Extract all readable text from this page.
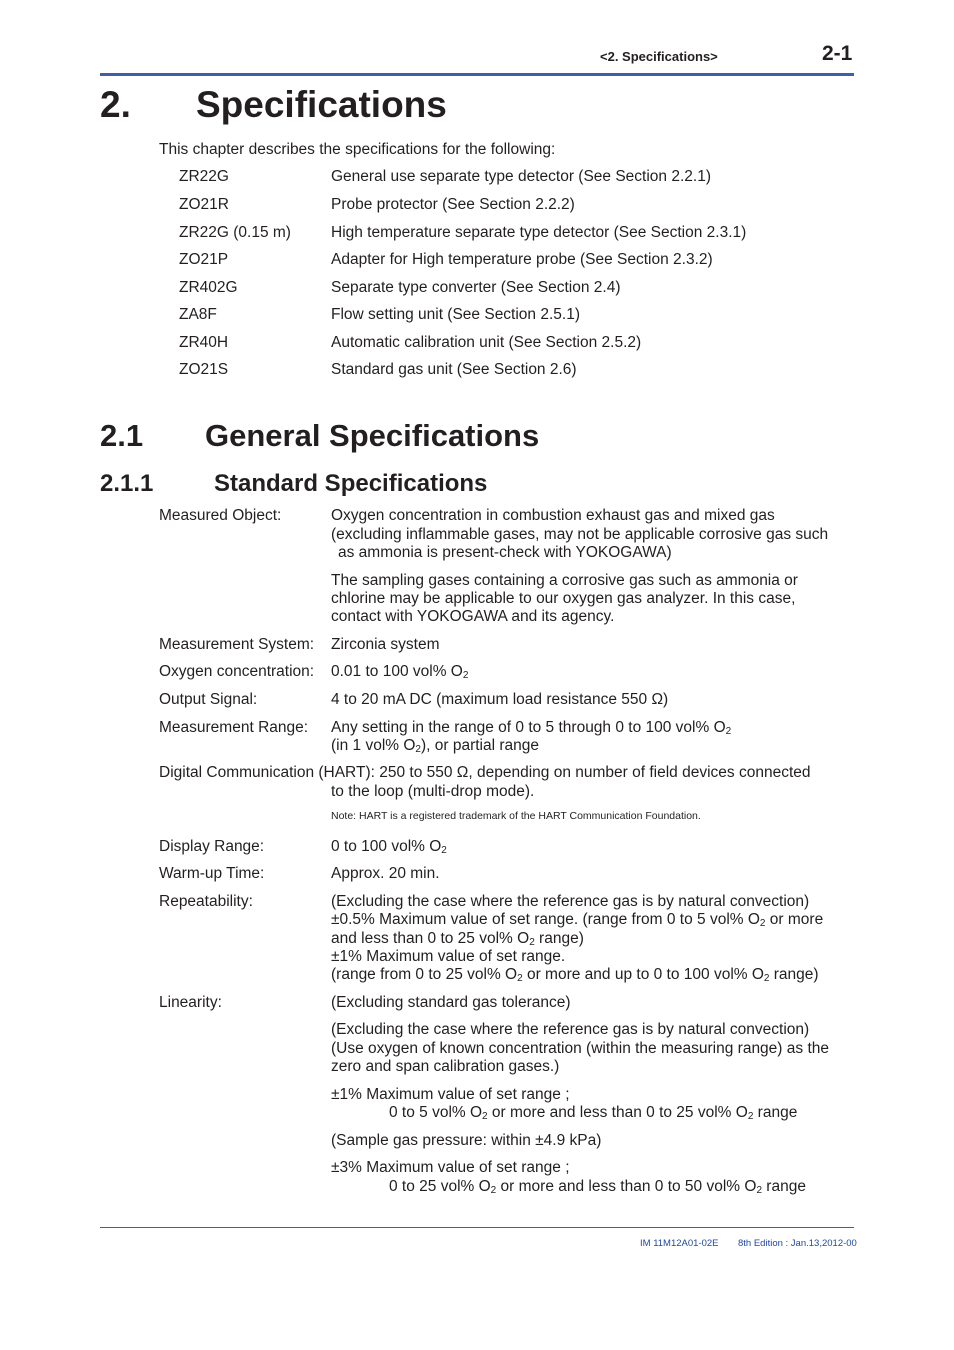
<2. Specifications>	2-1
2. Specifications
This chapter describes the specifications for the following:
ZR22G	General use separate type detector (See Section 2.2.1)
ZO21R	Probe protector (See Section 2.2.2)
ZR22G (0.15 m)	High temperature separate type detector (See Section 2.3.1)
ZO21P	Adapter for High temperature probe (See Section 2.3.2)
ZR402G	Separate type converter (See Section 2.4)
ZA8F	Flow setting unit (See Section 2.5.1)
ZR40H	Automatic calibration unit (See Section 2.5.2)
ZO21S	Standard gas unit (See Section 2.6)
2.1 General Specifications
2.1.1	Standard Specifications
Measured Object:	Oxygen concentration in combustion exhaust gas and mixed gas
(excluding inflammable gases, may not be applicable corrosive gas such
as ammonia is present-check with YOKOGAWA)
The sampling gases containing a corrosive gas such as ammonia or
chlorine may be applicable to our oxygen gas analyzer. In this case,
contact with YOKOGAWA and its agency.
Measurement System: Zirconia system
Oxygen concentration: 0.01 to 100 vol% $O_2$
Output Signal:	4 to 20 mA DC (maximum load resistance 550 Ω)
Measurement Range: Any setting in the range of 0 to 5 through 0 to 100 vol% $O_2$
(in 1 vol% $O_2$), or partial range
Digital Communication (HART): 250 to 550 Ω, depending on number of field devices connected
to the loop (multi-drop mode).
Note: HART is a registered trademark of the HART Communication Foundation.
Display Range:	0 to 100 vol% $O_2$
Warm-up Time:	Approx. 20 min.
Repeatability:	(Excluding the case where the reference gas is by natural convection)
±0.5% Maximum value of set range. (range from 0 to 5 vol% $O_2$ or more
and less than 0 to 25 vol% $O_2$ range)
±1% Maximum value of set range.
(range from 0 to 25 vol% $O_2$ or more and up to 0 to 100 vol% $O_2$ range)
Linearity:	(Excluding standard gas tolerance)
(Excluding the case where the reference gas is by natural convection)
(Use oxygen of known concentration (within the measuring range) as the
zero and span calibration gases.)
±1% Maximum value of set range ;
0 to 5 vol% $O_2$ or more and less than 0 to 25 vol% $O_2$ range
(Sample gas pressure: within ±4.9 kPa)
±3% Maximum value of set range ;
0 to 25 vol% $O_2$ or more and less than 0 to 50 vol% $O_2$ range
IM 11M12A01-02E 8th Edition : Jan.13,2012-00
